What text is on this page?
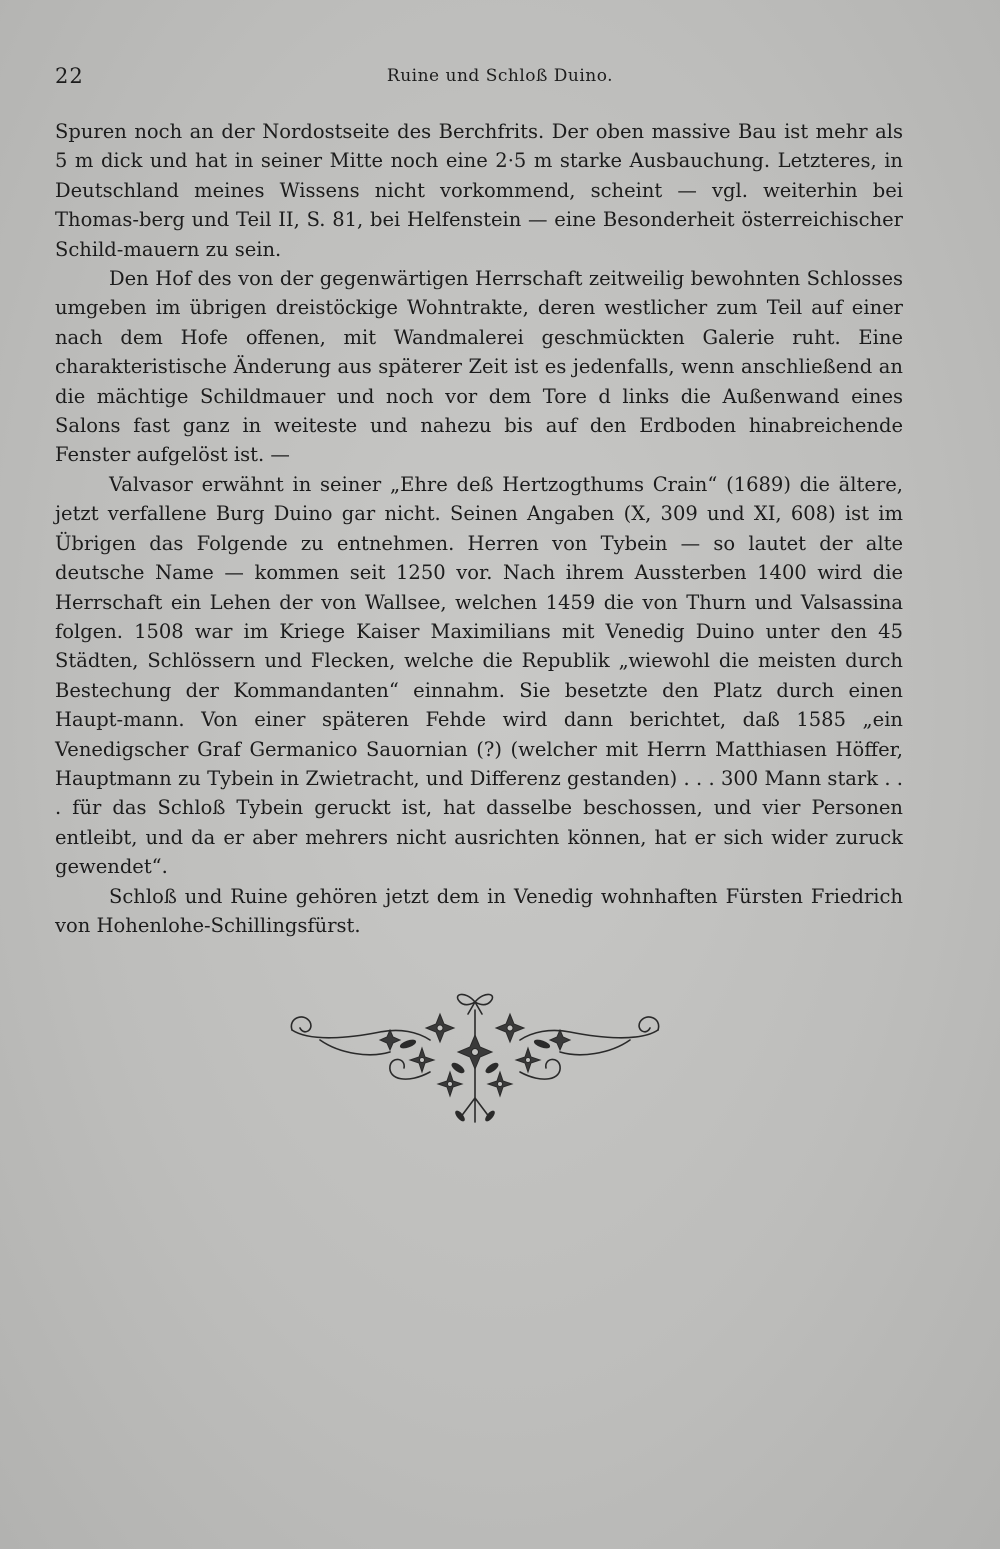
22	Ruine und Schloß Duino.

Spuren noch an der Nordostseite des Berchfrits. Der oben massive Bau ist mehr als 5 m dick und hat in seiner Mitte noch eine 2·5 m starke Ausbauchung. Letzteres, in Deutschland meines Wissens nicht vorkommend, scheint — vgl. weiterhin bei Thomas-berg und Teil II, S. 81, bei Helfenstein — eine Besonderheit österreichischer Schild-mauern zu sein.

Den Hof des von der gegenwärtigen Herrschaft zeitweilig bewohnten Schlosses umgeben im übrigen dreistöckige Wohntrakte, deren westlicher zum Teil auf einer nach dem Hofe offenen, mit Wandmalerei geschmückten Galerie ruht. Eine charakteristische Änderung aus späterer Zeit ist es jedenfalls, wenn anschließend an die mächtige Schildmauer und noch vor dem Tore d links die Außenwand eines Salons fast ganz in weiteste und nahezu bis auf den Erdboden hinabreichende Fenster aufgelöst ist. —

Valvasor erwähnt in seiner „Ehre deß Hertzogthums Crain“ (1689) die ältere, jetzt verfallene Burg Duino gar nicht. Seinen Angaben (X, 309 und XI, 608) ist im Übrigen das Folgende zu entnehmen. Herren von Tybein — so lautet der alte deutsche Name — kommen seit 1250 vor. Nach ihrem Aussterben 1400 wird die Herrschaft ein Lehen der von Wallsee, welchen 1459 die von Thurn und Valsassina folgen. 1508 war im Kriege Kaiser Maximilians mit Venedig Duino unter den 45 Städten, Schlössern und Flecken, welche die Republik „wiewohl die meisten durch Bestechung der Kommandanten“ einnahm. Sie besetzte den Platz durch einen Haupt-mann. Von einer späteren Fehde wird dann berichtet, daß 1585 „ein Venedigscher Graf Germanico Sauornian (?) (welcher mit Herrn Matthiasen Höffer, Hauptmann zu Tybein in Zwietracht, und Differenz gestanden) . . . 300 Mann stark . . . für das Schloß Tybein geruckt ist, hat dasselbe beschossen, und vier Personen entleibt, und da er aber mehrers nicht ausrichten können, hat er sich wider zuruck gewendet“.

Schloß und Ruine gehören jetzt dem in Venedig wohnhaften Fürsten Friedrich von Hohenlohe-Schillingsfürst.
